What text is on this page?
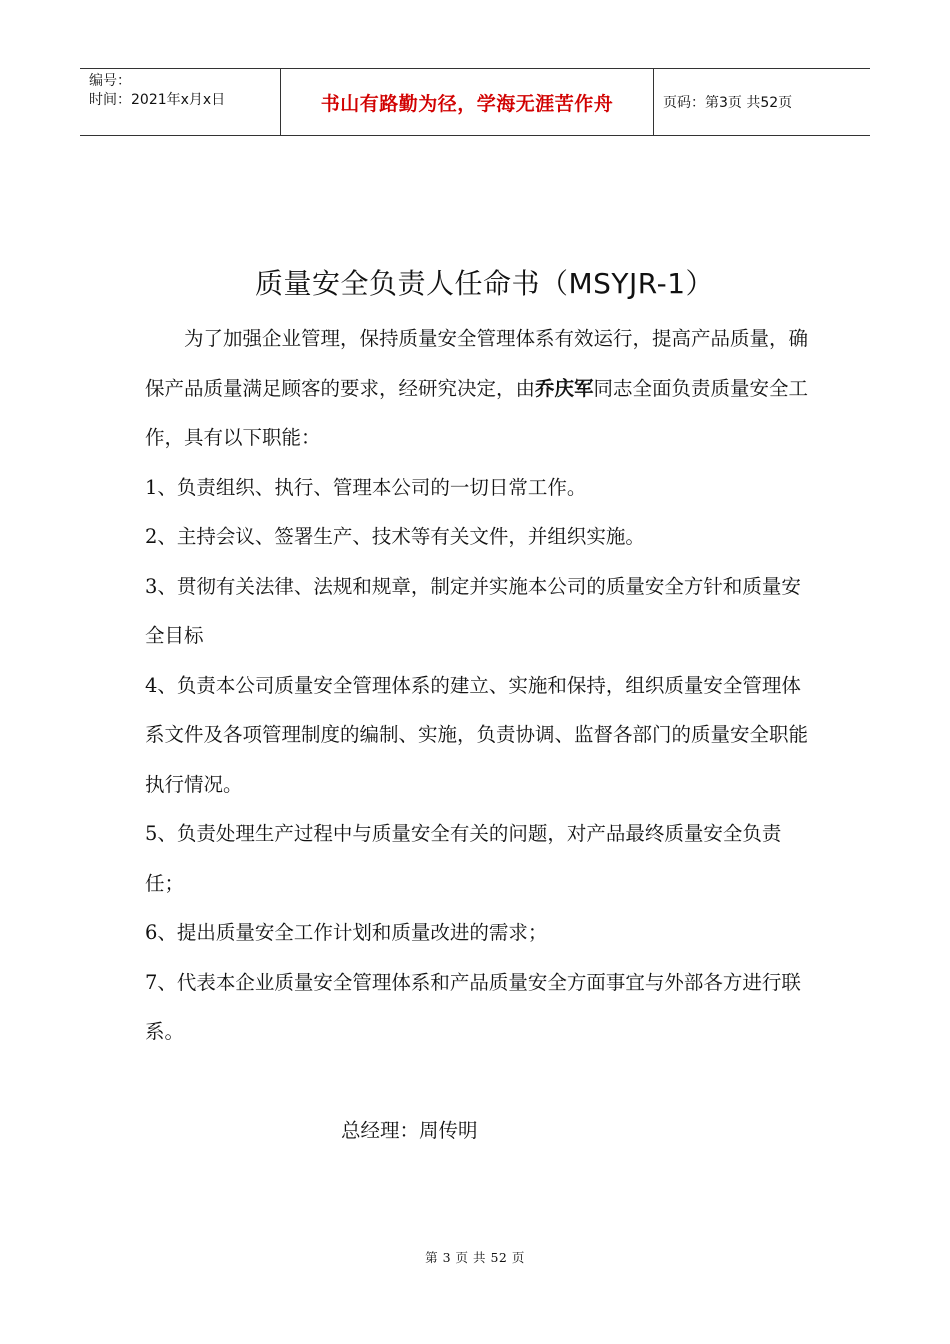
编号：
时间：2021年x月x日	书山有路勤为径，学海无涯苦作舟	页码：第3页 共52页
质量安全负责人任命书（MSYJR-1）

为了加强企业管理，保持质量安全管理体系有效运行，提高产品质量，确保产品质量满足顾客的要求，经研究决定，由乔庆军同志全面负责质量安全工作，具有以下职能：

1、负责组织、执行、管理本公司的一切日常工作。

2、主持会议、签署生产、技术等有关文件，并组织实施。

3、贯彻有关法律、法规和规章，制定并实施本公司的质量安全方针和质量安全目标

4、负责本公司质量安全管理体系的建立、实施和保持，组织质量安全管理体系文件及各项管理制度的编制、实施，负责协调、监督各部门的质量安全职能执行情况。

5、负责处理生产过程中与质量安全有关的问题，对产品最终质量安全负责任；

6、提出质量安全工作计划和质量改进的需求；

7、代表本企业质量安全管理体系和产品质量安全方面事宜与外部各方进行联系。

总经理：周传明
第 3 页 共 52 页
